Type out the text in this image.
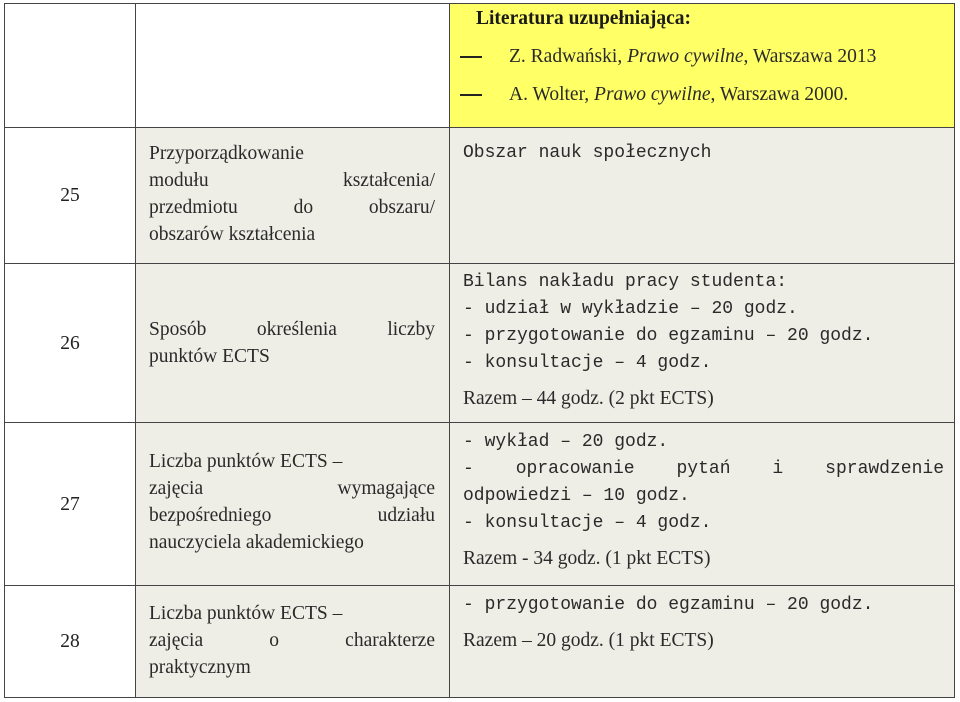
		Literatura uzupełniająca:
Z. Radwański, Prawo cywilne, Warszawa 2013
A. Wolter, Prawo cywilne, Warszawa 2000.

25	Przyporządkowanie
modułu kształcenia/
przedmiotu do obszaru/
obszarów kształcenia	Obszar nauk społecznych

26	Sposób określenia liczby
punktów ECTS	Bilans nakładu pracy studenta:
- udział w wykładzie – 20 godz.
- przygotowanie do egzaminu – 20 godz.
- konsultacje – 4 godz.
Razem – 44 godz. (2 pkt ECTS)

27	Liczba punktów ECTS –
zajęcia wymagające
bezpośredniego udziału
nauczyciela akademickiego	- wykład – 20 godz.
- opracowanie pytań i sprawdzenie
odpowiedzi – 10 godz.
- konsultacje – 4 godz.
Razem - 34 godz. (1 pkt ECTS)

28	Liczba punktów ECTS –
zajęcia o charakterze
praktycznym	- przygotowanie do egzaminu – 20 godz.
Razem – 20 godz. (1 pkt ECTS)
